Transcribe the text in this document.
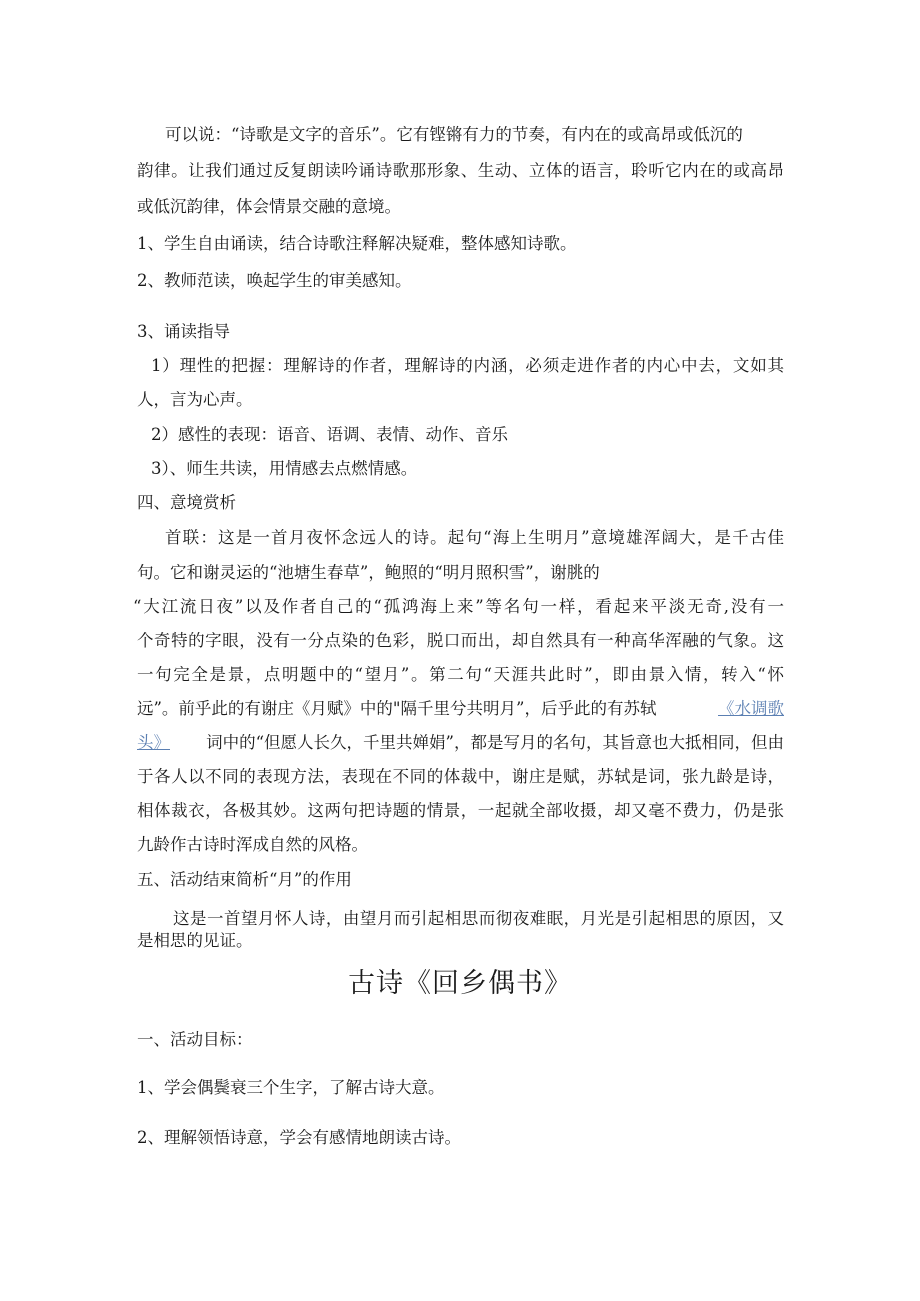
可以说：“诗歌是文字的音乐”。它有铿锵有力的节奏，有内在的或高昂或低沉的
韵律。让我们通过反复朗读吟诵诗歌那形象、生动、立体的语言，聆听它内在的或高昂
或低沉韵律，体会情景交融的意境。
1、学生自由诵读，结合诗歌注释解决疑难，整体感知诗歌。
2、教师范读，唤起学生的审美感知。
3、诵读指导
1）理性的把握：理解诗的作者，理解诗的内涵，必须走进作者的内心中去，文如其
人，言为心声。
2）感性的表现：语音、语调、表情、动作、音乐
3）、师生共读，用情感去点燃情感。
四、意境赏析
首联：这是一首月夜怀念远人的诗。起句“海上生明月”意境雄浑阔大，是千古佳
句。它和谢灵运的“池塘生春草”，鲍照的“明月照积雪”，谢朓的
“大江流日夜”以及作者自己的“孤鸿海上来”等名句一样，看起来平淡无奇,没有一
个奇特的字眼，没有一分点染的色彩，脱口而出，却自然具有一种高华浑融的气象。这
一句完全是景，点明题中的“望月”。第二句“天涯共此时”，即由景入情，转入“怀
远”。前乎此的有谢庄《月赋》中的"隔千里兮共明月”，后乎此的有苏轼	《水调歌
头》 词中的“但愿人长久，千里共婵娟”，都是写月的名句，其旨意也大抵相同，但由
于各人以不同的表现方法，表现在不同的体裁中，谢庄是赋，苏轼是词，张九龄是诗，
相体裁衣，各极其妙。这两句把诗题的情景，一起就全部收摄，却又毫不费力，仍是张
九龄作古诗时浑成自然的风格。
五、活动结束简析“月”的作用
这是一首望月怀人诗，由望月而引起相思而彻夜难眠，月光是引起相思的原因，又
是相思的见证。
古诗《回乡偶书》
一、活动目标：
1、学会偶鬓衰三个生字，了解古诗大意。
2、理解领悟诗意，学会有感情地朗读古诗。
